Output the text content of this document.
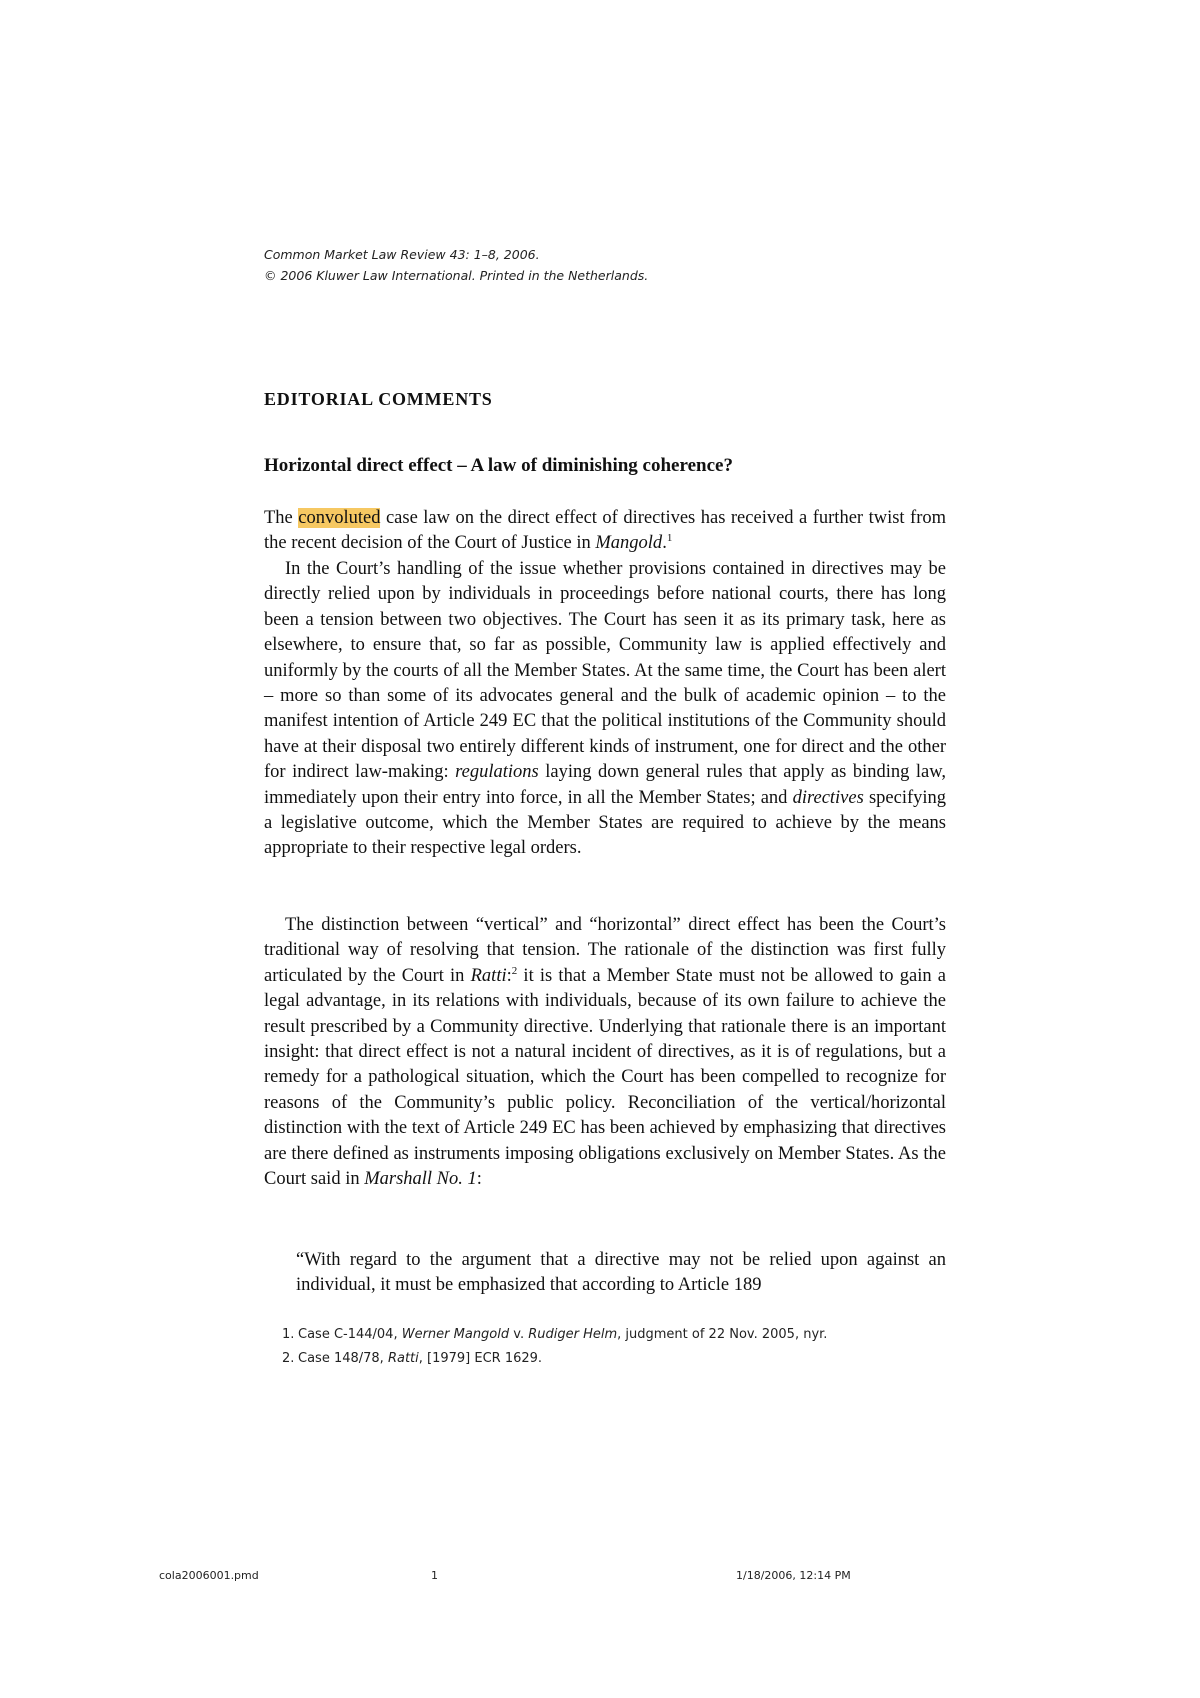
Common Market Law Review 43: 1–8, 2006.
© 2006 Kluwer Law International. Printed in the Netherlands.
EDITORIAL COMMENTS
Horizontal direct effect – A law of diminishing coherence?
The convoluted case law on the direct effect of directives has received a further twist from the recent decision of the Court of Justice in Mangold.$^1$
In the Court’s handling of the issue whether provisions contained in directives may be directly relied upon by individuals in proceedings before national courts, there has long been a tension between two objectives. The Court has seen it as its primary task, here as elsewhere, to ensure that, so far as possible, Community law is applied effectively and uniformly by the courts of all the Member States. At the same time, the Court has been alert – more so than some of its advocates general and the bulk of academic opinion – to the manifest intention of Article 249 EC that the political institutions of the Community should have at their disposal two entirely different kinds of instrument, one for direct and the other for indirect law-making: regulations laying down general rules that apply as binding law, immediately upon their entry into force, in all the Member States; and directives specifying a legislative outcome, which the Member States are required to achieve by the means appropriate to their respective legal orders.
The distinction between “vertical” and “horizontal” direct effect has been the Court’s traditional way of resolving that tension. The rationale of the distinction was first fully articulated by the Court in Ratti:$^2$ it is that a Member State must not be allowed to gain a legal advantage, in its relations with individuals, because of its own failure to achieve the result prescribed by a Community directive. Underlying that rationale there is an important insight: that direct effect is not a natural incident of directives, as it is of regulations, but a remedy for a pathological situation, which the Court has been compelled to recognize for reasons of the Community’s public policy. Reconciliation of the vertical/horizontal distinction with the text of Article 249 EC has been achieved by emphasizing that directives are there defined as instruments imposing obligations exclusively on Member States. As the Court said in Marshall No. 1:
“With regard to the argument that a directive may not be relied upon against an individual, it must be emphasized that according to Article 189
1. Case C-144/04, Werner Mangold v. Rudiger Helm, judgment of 22 Nov. 2005, nyr.
2. Case 148/78, Ratti, [1979] ECR 1629.
cola2006001.pmd	1	1/18/2006, 12:14 PM
